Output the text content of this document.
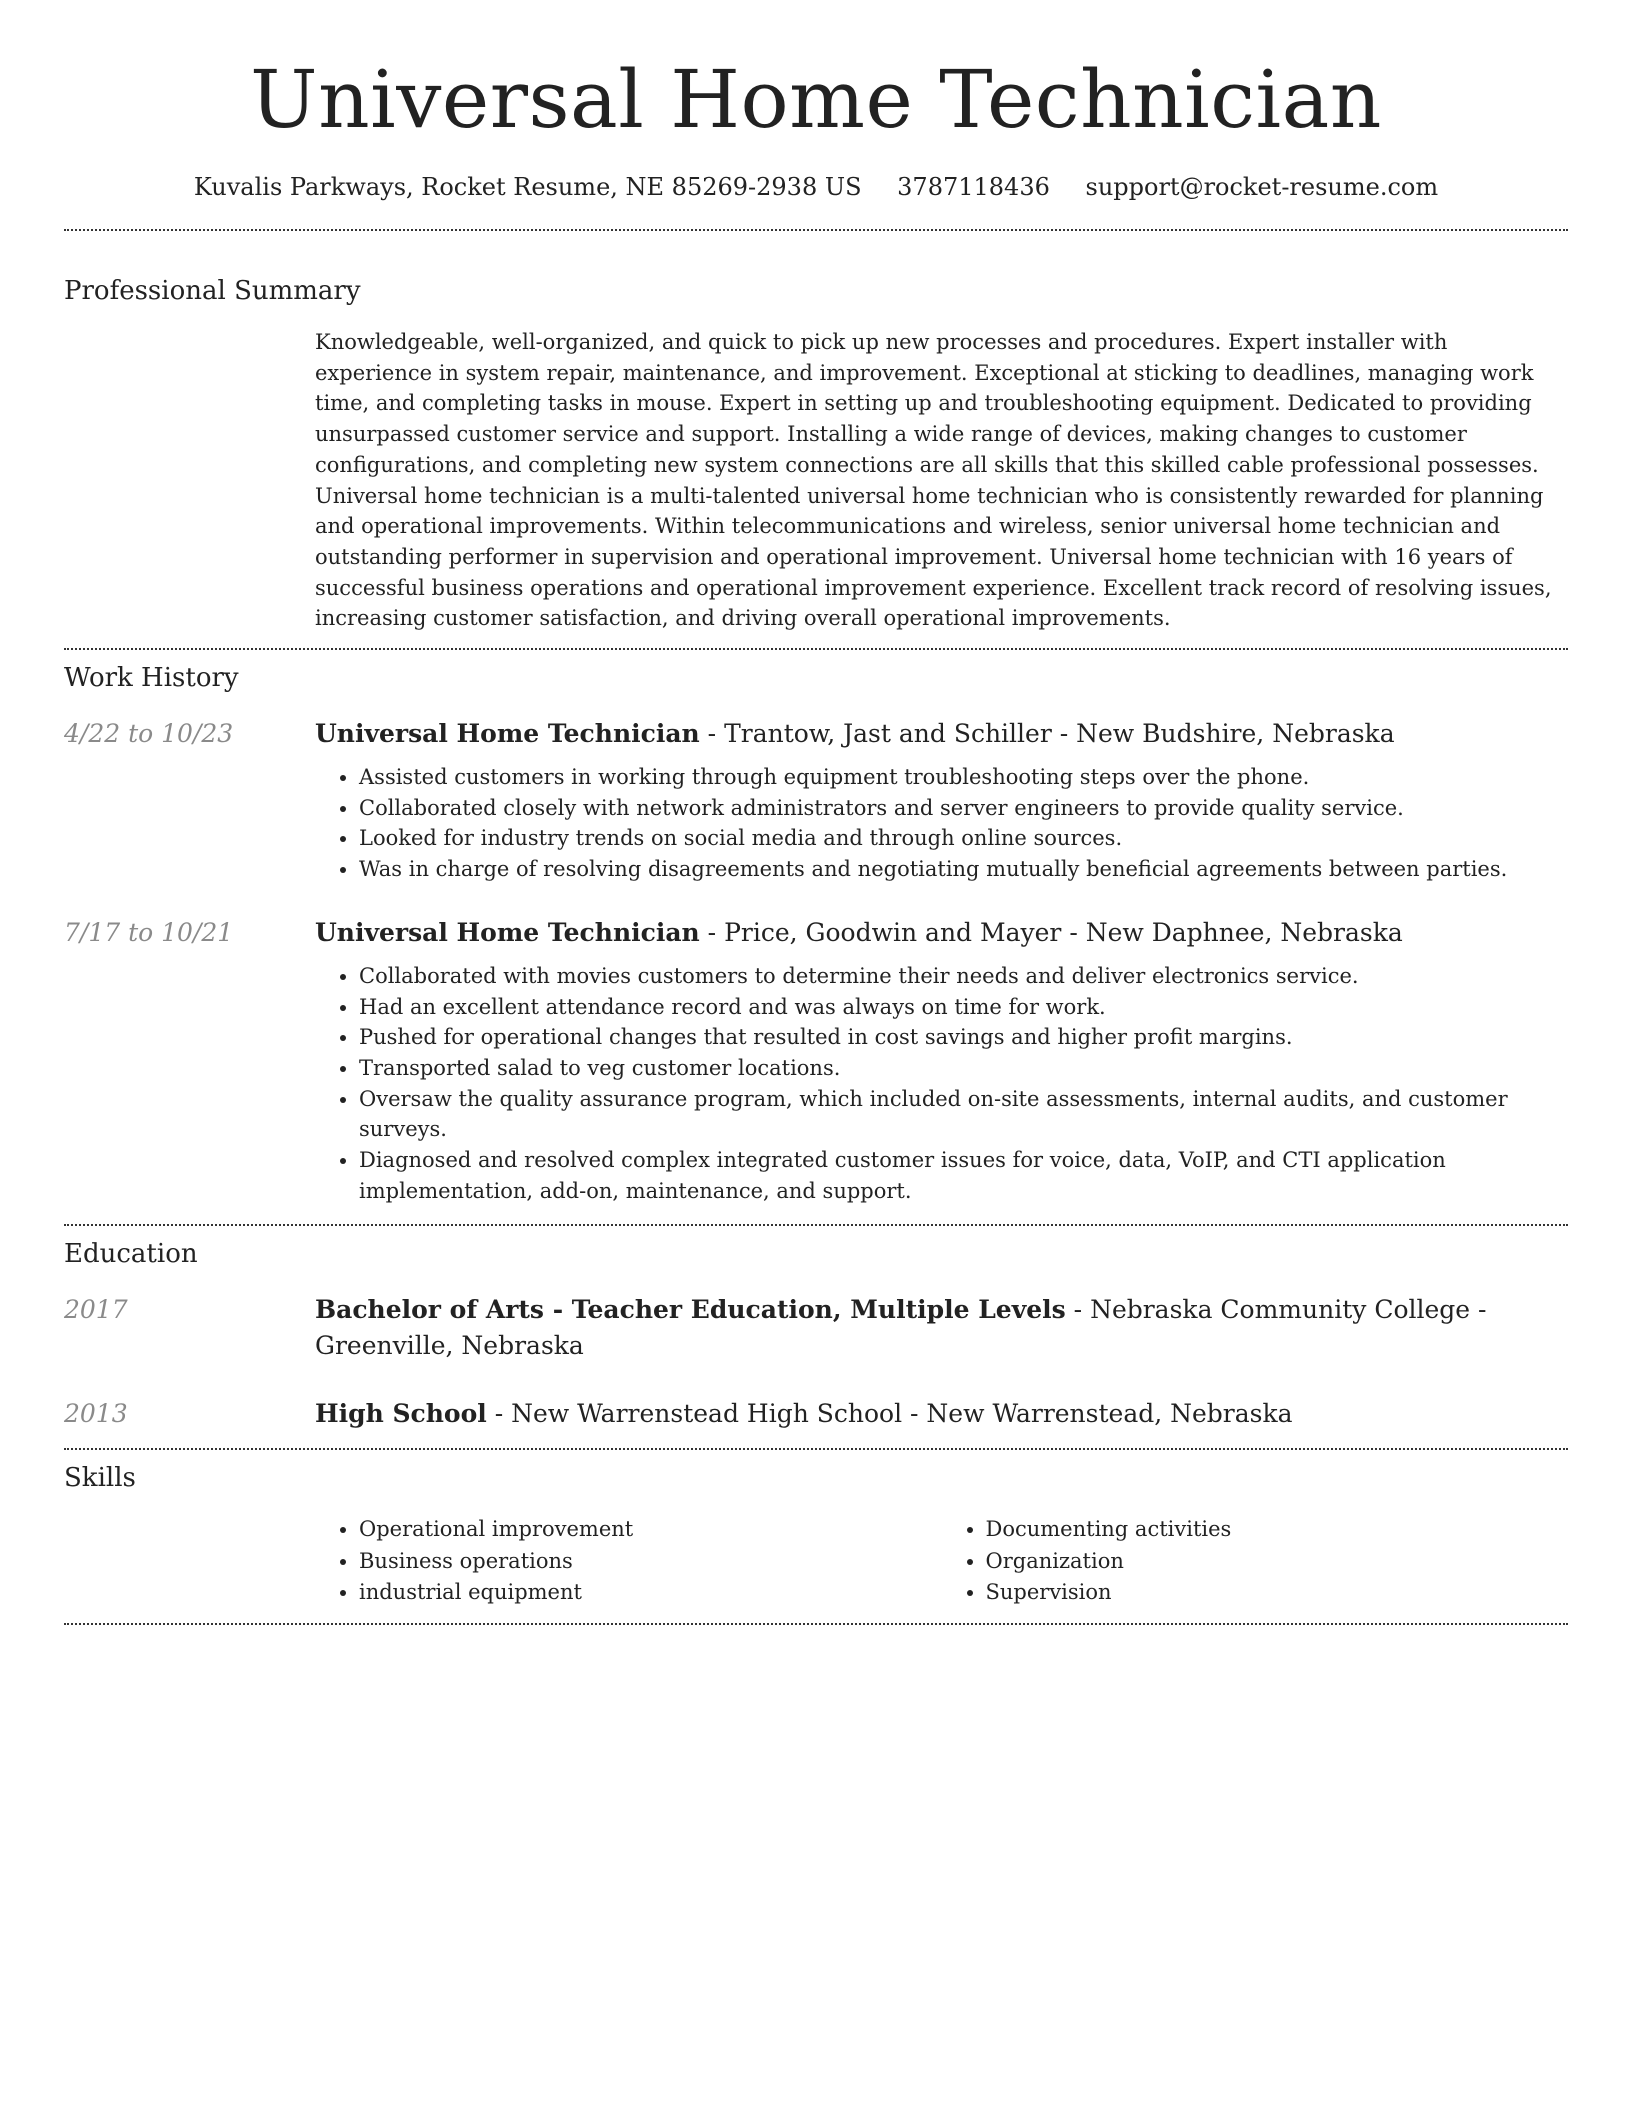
Universal Home Technician
Kuvalis Parkways, Rocket Resume, NE 85269-2938 US 3787118436 support@rocket-resume.com
Professional Summary
Knowledgeable, well-organized, and quick to pick up new processes and procedures. Expert installer with experience in system repair, maintenance, and improvement. Exceptional at sticking to deadlines, managing work time, and completing tasks in mouse. Expert in setting up and troubleshooting equipment. Dedicated to providing unsurpassed customer service and support. Installing a wide range of devices, making changes to customer configurations, and completing new system connections are all skills that this skilled cable professional possesses. Universal home technician is a multi-talented universal home technician who is consistently rewarded for planning and operational improvements. Within telecommunications and wireless, senior universal home technician and outstanding performer in supervision and operational improvement. Universal home technician with 16 years of successful business operations and operational improvement experience. Excellent track record of resolving issues, increasing customer satisfaction, and driving overall operational improvements.
Work History
4/22 to 10/23	Universal Home Technician - Trantow, Jast and Schiller - New Budshire, Nebraska
• Assisted customers in working through equipment troubleshooting steps over the phone.
• Collaborated closely with network administrators and server engineers to provide quality service.
• Looked for industry trends on social media and through online sources.
• Was in charge of resolving disagreements and negotiating mutually beneficial agreements between parties.
7/17 to 10/21	Universal Home Technician - Price, Goodwin and Mayer - New Daphnee, Nebraska
• Collaborated with movies customers to determine their needs and deliver electronics service.
• Had an excellent attendance record and was always on time for work.
• Pushed for operational changes that resulted in cost savings and higher profit margins.
• Transported salad to veg customer locations.
• Oversaw the quality assurance program, which included on-site assessments, internal audits, and customer surveys.
• Diagnosed and resolved complex integrated customer issues for voice, data, VoIP, and CTI application implementation, add-on, maintenance, and support.
Education
2017	Bachelor of Arts - Teacher Education, Multiple Levels - Nebraska Community College - Greenville, Nebraska
2013	High School - New Warrenstead High School - New Warrenstead, Nebraska
Skills
• Operational improvement
• Business operations
• industrial equipment
• Documenting activities
• Organization
• Supervision
